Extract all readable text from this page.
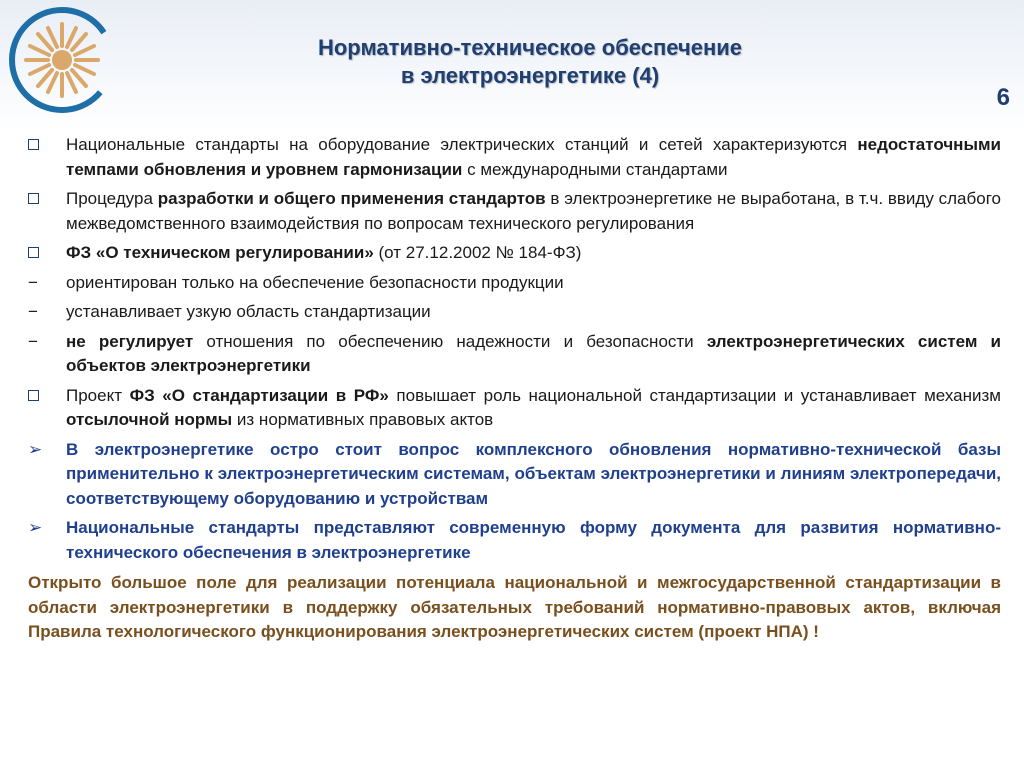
Нормативно-техническое обеспечение
в электроэнергетике (4)
6
Национальные стандарты на оборудование электрических станций и сетей характеризуются недостаточными темпами обновления и уровнем гармонизации с международными стандартами
Процедура разработки и общего применения стандартов в электроэнергетике не выработана, в т.ч. ввиду слабого межведомственного взаимодействия по вопросам технического регулирования
ФЗ «О техническом регулировании» (от 27.12.2002 № 184-ФЗ)
−	ориентирован только на обеспечение безопасности продукции
−	устанавливает узкую область стандартизации
−	не регулирует отношения по обеспечению надежности и безопасности электроэнергетических систем и объектов электроэнергетики
Проект ФЗ «О стандартизации в РФ» повышает роль национальной стандартизации и устанавливает механизм отсылочной нормы из нормативных правовых актов
➢	В электроэнергетике остро стоит вопрос комплексного обновления нормативно-технической базы применительно к электроэнергетическим системам, объектам электроэнергетики и линиям электропередачи, соответствующему оборудованию и устройствам
➢	Национальные стандарты представляют современную форму документа для развития нормативно-технического обеспечения в электроэнергетике
Открыто большое поле для реализации потенциала национальной и межгосударственной стандартизации в области электроэнергетики в поддержку обязательных требований нормативно-правовых актов, включая Правила технологического функционирования электроэнергетических систем (проект НПА) !
